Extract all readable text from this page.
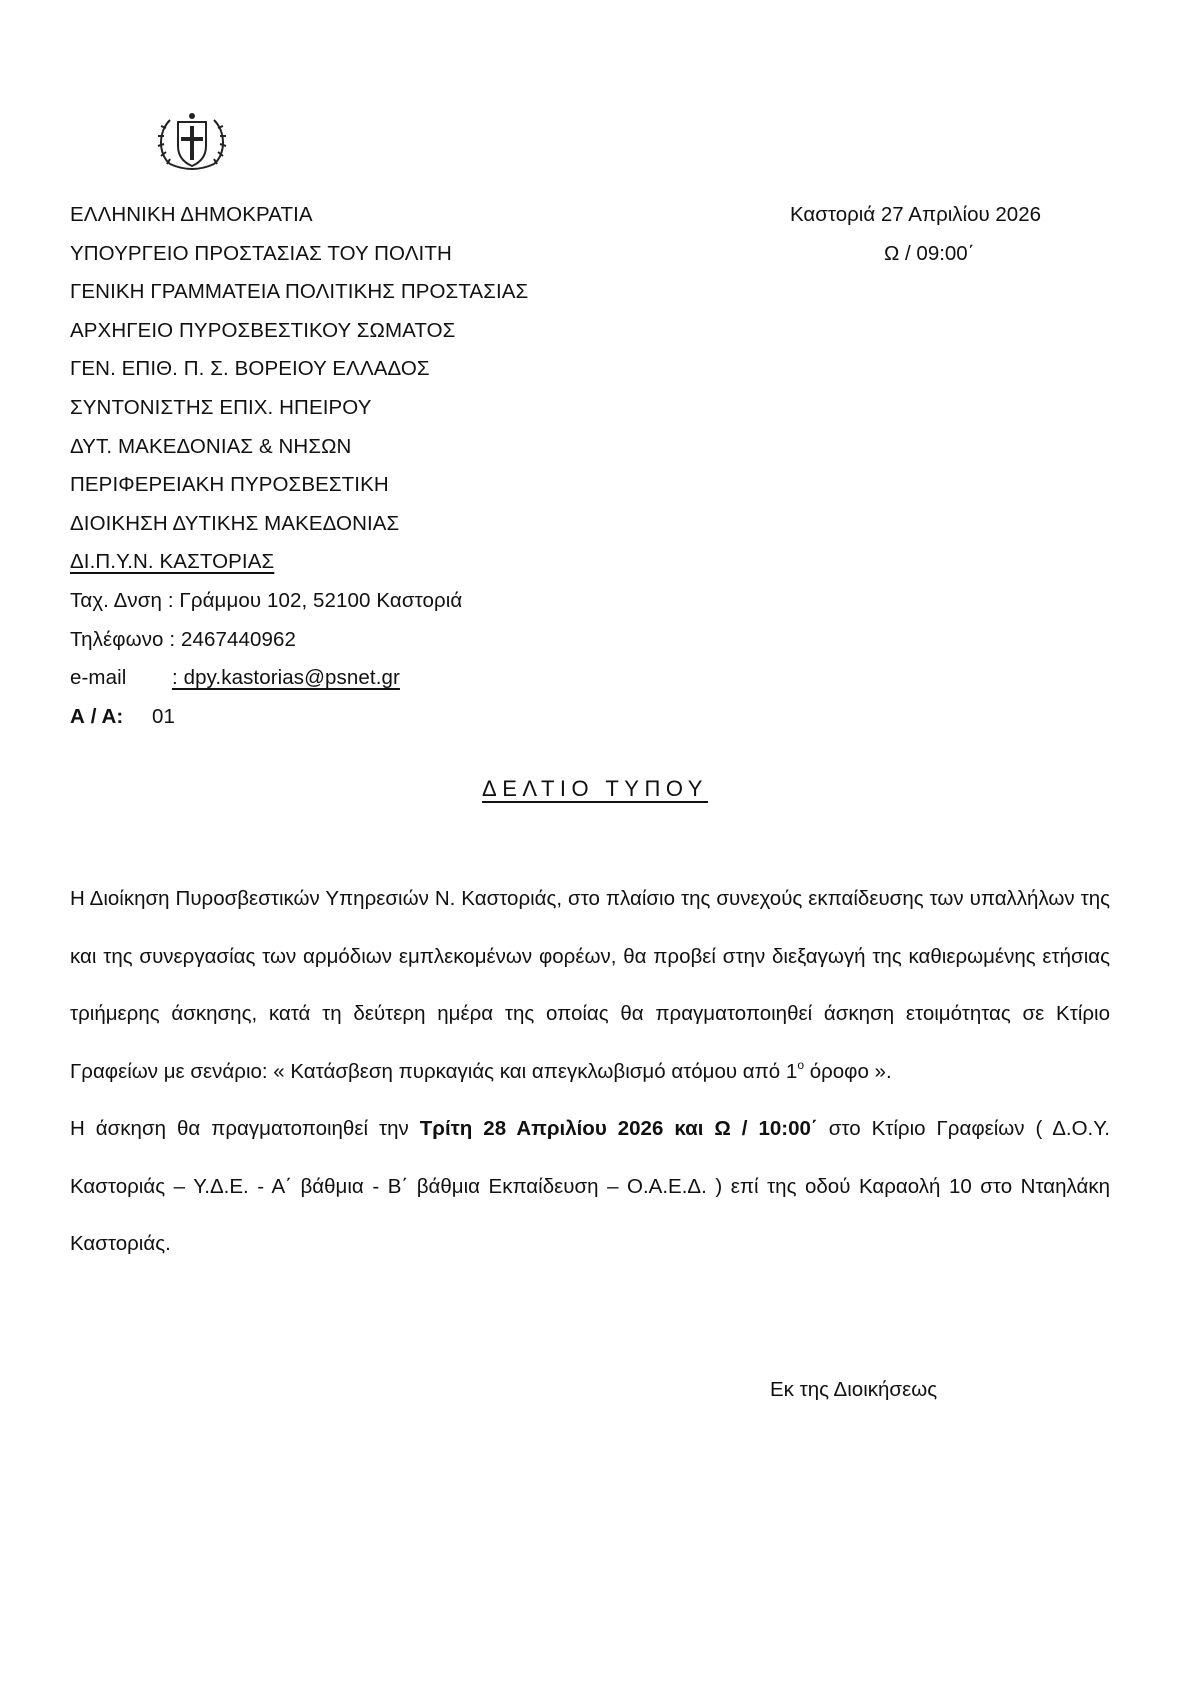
ΕΛΛΗΝΙΚΗ ΔΗΜΟΚΡΑΤΙΑ
ΥΠΟΥΡΓΕΙΟ ΠΡΟΣΤΑΣΙΑΣ ΤΟΥ ΠΟΛΙΤΗ
ΓΕΝΙΚΗ ΓΡΑΜΜΑΤΕΙΑ ΠΟΛΙΤΙΚΗΣ ΠΡΟΣΤΑΣΙΑΣ
ΑΡΧΗΓΕΙΟ ΠΥΡΟΣΒΕΣΤΙΚΟΥ ΣΩΜΑΤΟΣ
ΓΕΝ. ΕΠΙΘ. Π. Σ. ΒΟΡΕΙΟΥ ΕΛΛΑΔΟΣ
ΣΥΝΤΟΝΙΣΤΗΣ ΕΠΙΧ. ΗΠΕΙΡΟΥ
ΔΥΤ. ΜΑΚΕΔΟΝΙΑΣ & ΝΗΣΩΝ
ΠΕΡΙΦΕΡΕΙΑΚΗ ΠΥΡΟΣΒΕΣΤΙΚΗ
ΔΙΟΙΚΗΣΗ ΔΥΤΙΚΗΣ ΜΑΚΕΔΟΝΙΑΣ
ΔΙ.Π.Υ.Ν. ΚΑΣΤΟΡΙΑΣ
Ταχ. Δνση : Γράμμου 102, 52100 Καστοριά
Τηλέφωνο : 2467440962
e-mail : dpy.kastorias@psnet.gr
Α / Α: 01
Καστοριά 27 Απριλίου 2026
Ω / 09:00΄
ΔΕΛΤΙΟ ΤΥΠΟΥ

Η Διοίκηση Πυροσβεστικών Υπηρεσιών Ν. Καστοριάς, στο πλαίσιο της συνεχούς εκπαίδευσης των υπαλλήλων της και της συνεργασίας των αρμόδιων εμπλεκομένων φορέων, θα προβεί στην διεξαγωγή της καθιερωμένης ετήσιας τριήμερης άσκησης, κατά τη δεύτερη ημέρα της οποίας θα πραγματοποιηθεί άσκηση ετοιμότητας σε Κτίριο Γραφείων με σενάριο: « Κατάσβεση πυρκαγιάς και απεγκλωβισμό ατόμου από $1^o$ όροφο ».

Η άσκηση θα πραγματοποιηθεί την Τρίτη 28 Απριλίου 2026 και Ω / 10:00΄ στο Κτίριο Γραφείων ( Δ.Ο.Υ. Καστοριάς – Υ.Δ.Ε. - Α΄ βάθμια - Β΄ βάθμια Εκπαίδευση – Ο.Α.Ε.Δ. ) επί της οδού Καραολή 10 στο Νταηλάκη Καστοριάς.

Εκ της Διοικήσεως
